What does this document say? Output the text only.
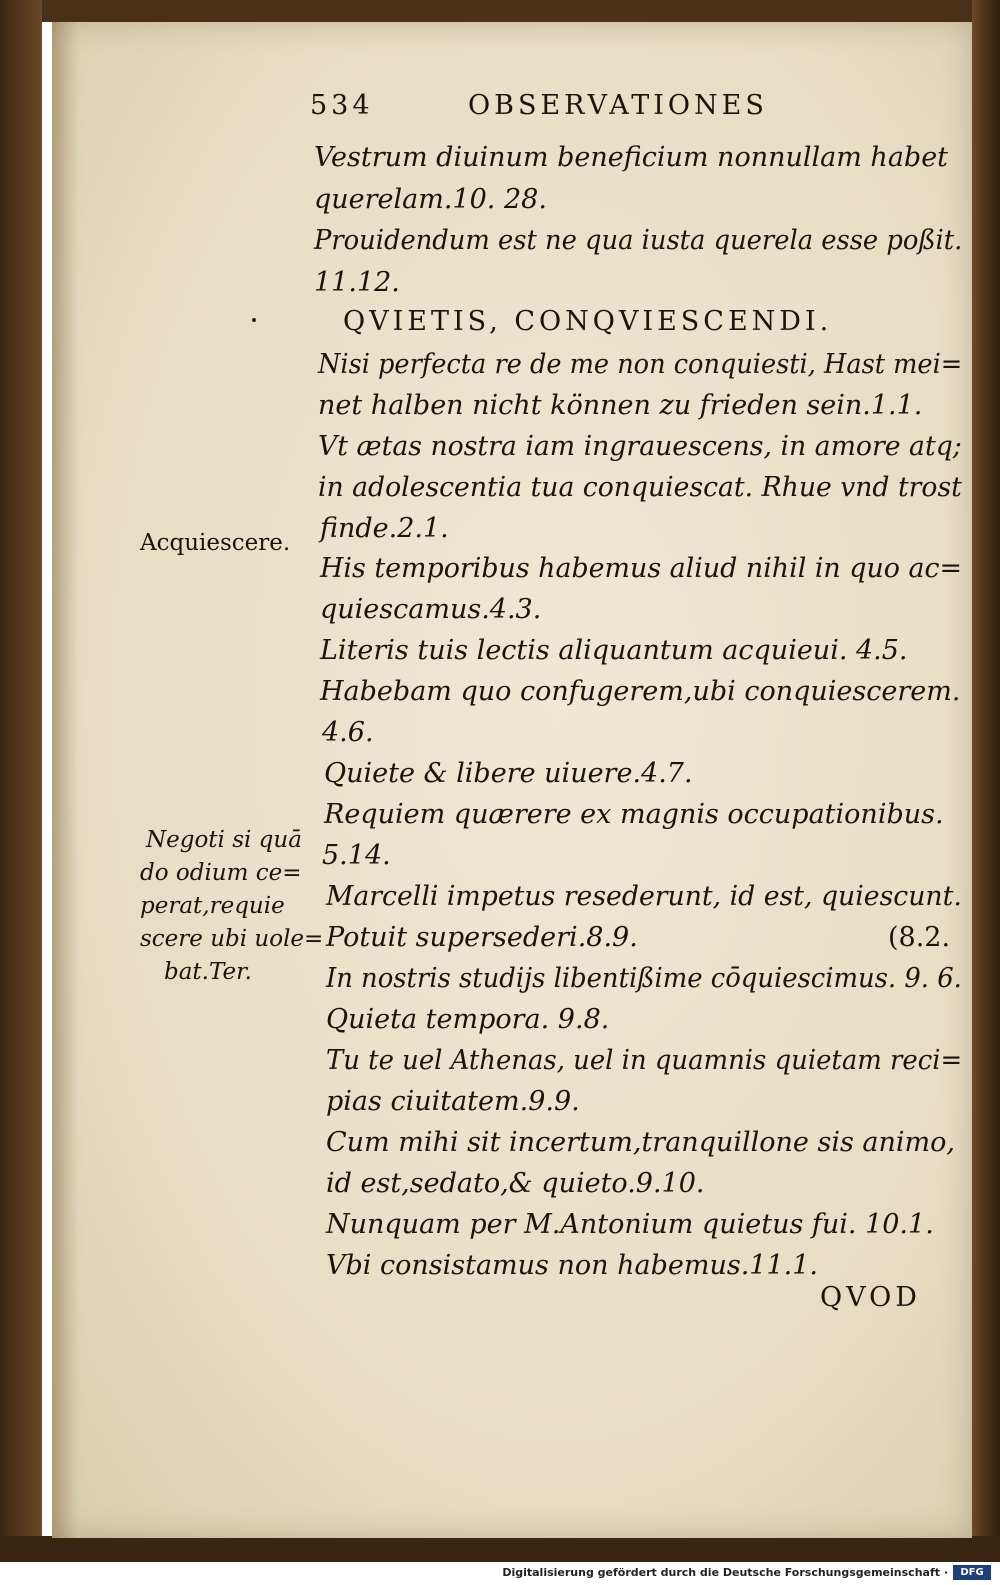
534	OBSERVATIONES
Vestrum diuinum beneficium nonnullam habet
querelam.10. 28.
Prouidendum est ne qua iusta querela esse poßit.
11.12.
QVIETIS, CONQVIESCENDI.
Nisi perfecta re de me non conquiesti, Hast mei=
net halben nicht können zu frieden sein.1.1.
Vt ætas nostra iam ingrauescens, in amore atq;
in adolescentia tua conquiescat. Rhue vnd trost
finde.2.1.
Acquiescere.
His temporibus habemus aliud nihil in quo ac=
quiescamus.4.3.
Literis tuis lectis aliquantum acquieui. 4.5.
Habebam quo confugerem,ubi conquiescerem.
4.6.
Quiete & libere uiuere.4.7.
Requiem quærere ex magnis occupationibus.
Negoti si quā 5.14.
do odium ce=
Marcelli impetus resederunt, id est, quiescunt.
perat,requie
Potuit supersederi.8.9.	(8.2.
scere ubi uole=
bat.Ter.	In nostris studijs libentißime cōquiescimus. 9. 6.
Quieta tempora. 9.8.
Tu te uel Athenas, uel in quamnis quietam reci=
pias ciuitatem.9.9.
Cum mihi sit incertum,tranquillone sis animo,
id est,sedato,& quieto.9.10.
Nunquam per M.Antonium quietus fui. 10.1.
Vbi consistamus non habemus.11.1.
QVOD
Digitalisierung gefördert durch die Deutsche Forschungsgemeinschaft ·	DFG
